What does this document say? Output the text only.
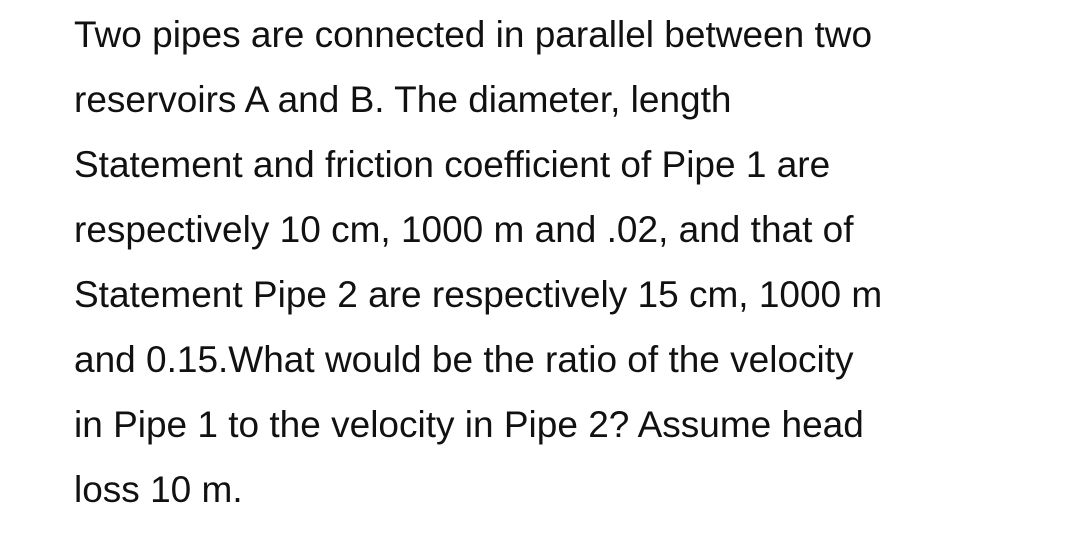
Two pipes are connected in parallel between two
reservoirs A and B. The diameter, length
Statement and friction coefficient of Pipe 1 are
respectively 10 cm, 1000 m and .02, and that of
Statement Pipe 2 are respectively 15 cm, 1000 m
and 0.15.What would be the ratio of the velocity
in Pipe 1 to the velocity in Pipe 2? Assume head
loss 10 m.
